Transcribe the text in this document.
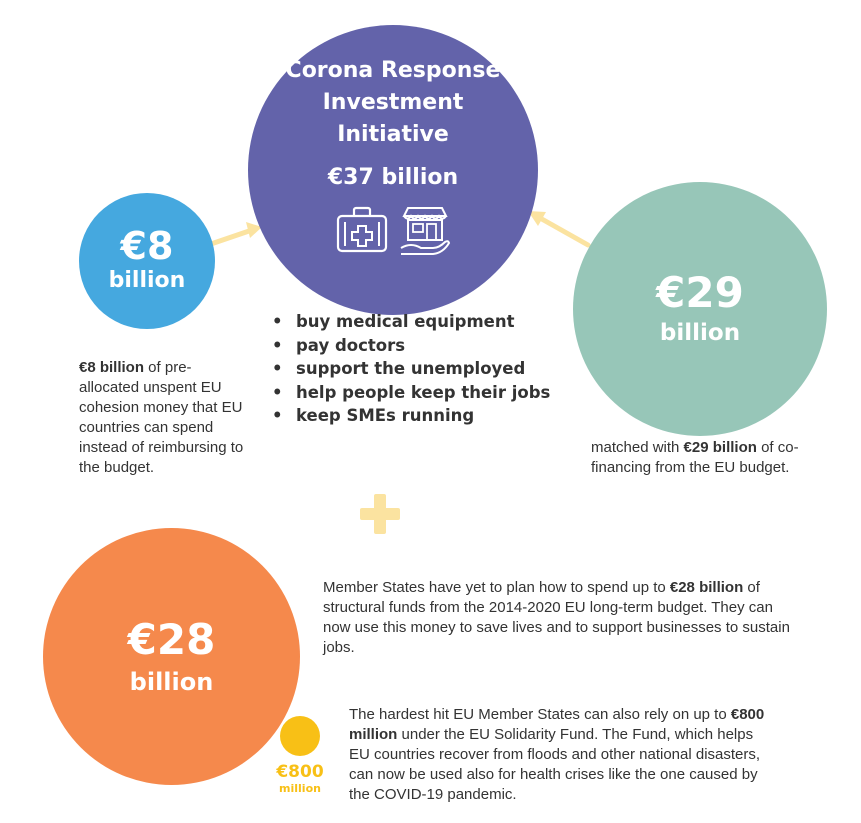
Corona Response Investment Initiative
€37 billion
€8
billion
€8 billion of pre-allocated unspent EU cohesion money that EU countries can spend instead of reimbursing to the budget.
• buy medical equipment
• pay doctors
• support the unemployed
• help people keep their jobs
• keep SMEs running
€29
billion
matched with €29 billion of co-financing from the EU budget.
€28
billion
Member States have yet to plan how to spend up to €28 billion of structural funds from the 2014-2020 EU long-term budget. They can now use this money to save lives and to support businesses to sustain jobs.
€800
million
The hardest hit EU Member States can also rely on up to €800 million under the EU Solidarity Fund. The Fund, which helps EU countries recover from floods and other national disasters, can now be used also for health crises like the one caused by the COVID-19 pandemic.
